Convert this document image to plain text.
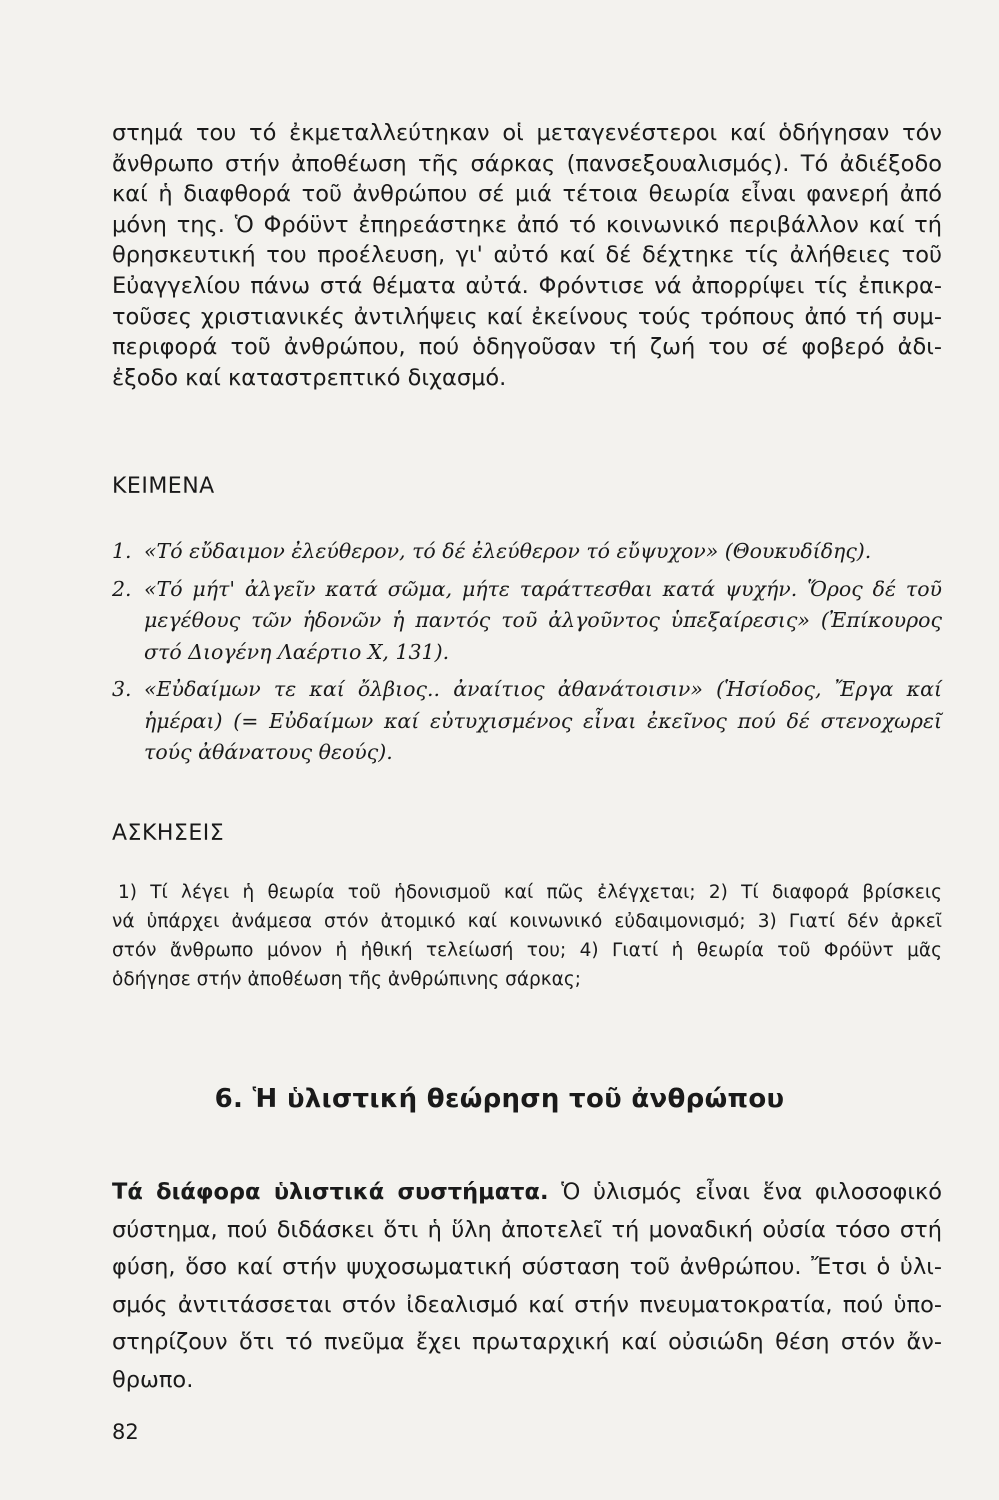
στημά του τό ἐκμεταλλεύτηκαν οἱ μεταγενέστεροι καί ὁδήγησαν τόν
ἄνθρωπο στήν ἀποθέωση τῆς σάρκας (πανσεξουαλισμός). Τό ἀδιέξοδο
καί ἡ διαφθορά τοῦ ἀνθρώπου σέ μιά τέτοια θεωρία εἶναι φανερή ἀπό
μόνη της. Ὁ Φρόϋντ ἐπηρεάστηκε ἀπό τό κοινωνικό περιβάλλον καί τή
θρησκευτική του προέλευση, γι' αὐτό καί δέ δέχτηκε τίς ἀλήθειες τοῦ
Εὐαγγελίου πάνω στά θέματα αὐτά. Φρόντισε νά ἀπορρίψει τίς ἐπικρα-
τοῦσες χριστιανικές ἀντιλήψεις καί ἐκείνους τούς τρόπους ἀπό τή συμ-
περιφορά τοῦ ἀνθρώπου, πού ὁδηγοῦσαν τή ζωή του σέ φοβερό ἀδι-
ἐξοδο καί καταστρεπτικό διχασμό.
ΚΕΙΜΕΝΑ
1. «Τό εὔδαιμον ἐλεύθερον, τό δέ ἐλεύθερον τό εὔψυχον» (Θουκυδίδης).
2. «Τό μήτ' ἀλγεῖν κατά σῶμα, μήτε ταράττεσθαι κατά ψυχήν. Ὅρος δέ τοῦ
μεγέθους τῶν ἡδονῶν ἡ παντός τοῦ ἀλγοῦντος ὑπεξαίρεσις» (Ἐπίκουρος
στό Διογένη Λαέρτιο X, 131).
3. «Εὐδαίμων τε καί ὄλβιος.. ἀναίτιος ἀθανάτοισιν» (Ἡσίοδος, Ἔργα καί
ἡμέραι) (= Εὐδαίμων καί εὐτυχισμένος εἶναι ἐκεῖνος πού δέ στενοχωρεῖ
τούς ἀθάνατους θεούς).
ΑΣΚΗΣΕΙΣ
1) Τί λέγει ἡ θεωρία τοῦ ἡδονισμοῦ καί πῶς ἐλέγχεται; 2) Τί διαφορά βρίσκεις
νά ὑπάρχει ἀνάμεσα στόν ἀτομικό καί κοινωνικό εὐδαιμονισμό; 3) Γιατί δέν ἀρκεῖ
στόν ἄνθρωπο μόνον ἡ ἠθική τελείωσή του; 4) Γιατί ἡ θεωρία τοῦ Φρόϋντ μᾶς
ὁδήγησε στήν ἀποθέωση τῆς ἀνθρώπινης σάρκας;
6. Ἡ ὑλιστική θεώρηση τοῦ ἀνθρώπου
Τά διάφορα ὑλιστικά συστήματα. Ὁ ὑλισμός εἶναι ἕνα φιλοσοφικό
σύστημα, πού διδάσκει ὅτι ἡ ὕλη ἀποτελεῖ τή μοναδική οὐσία τόσο στή
φύση, ὅσο καί στήν ψυχοσωματική σύσταση τοῦ ἀνθρώπου. Ἔτσι ὁ ὑλι-
σμός ἀντιτάσσεται στόν ἰδεαλισμό καί στήν πνευματοκρατία, πού ὑπο-
στηρίζουν ὅτι τό πνεῦμα ἔχει πρωταρχική καί οὐσιώδη θέση στόν ἄν-
θρωπο.
82
